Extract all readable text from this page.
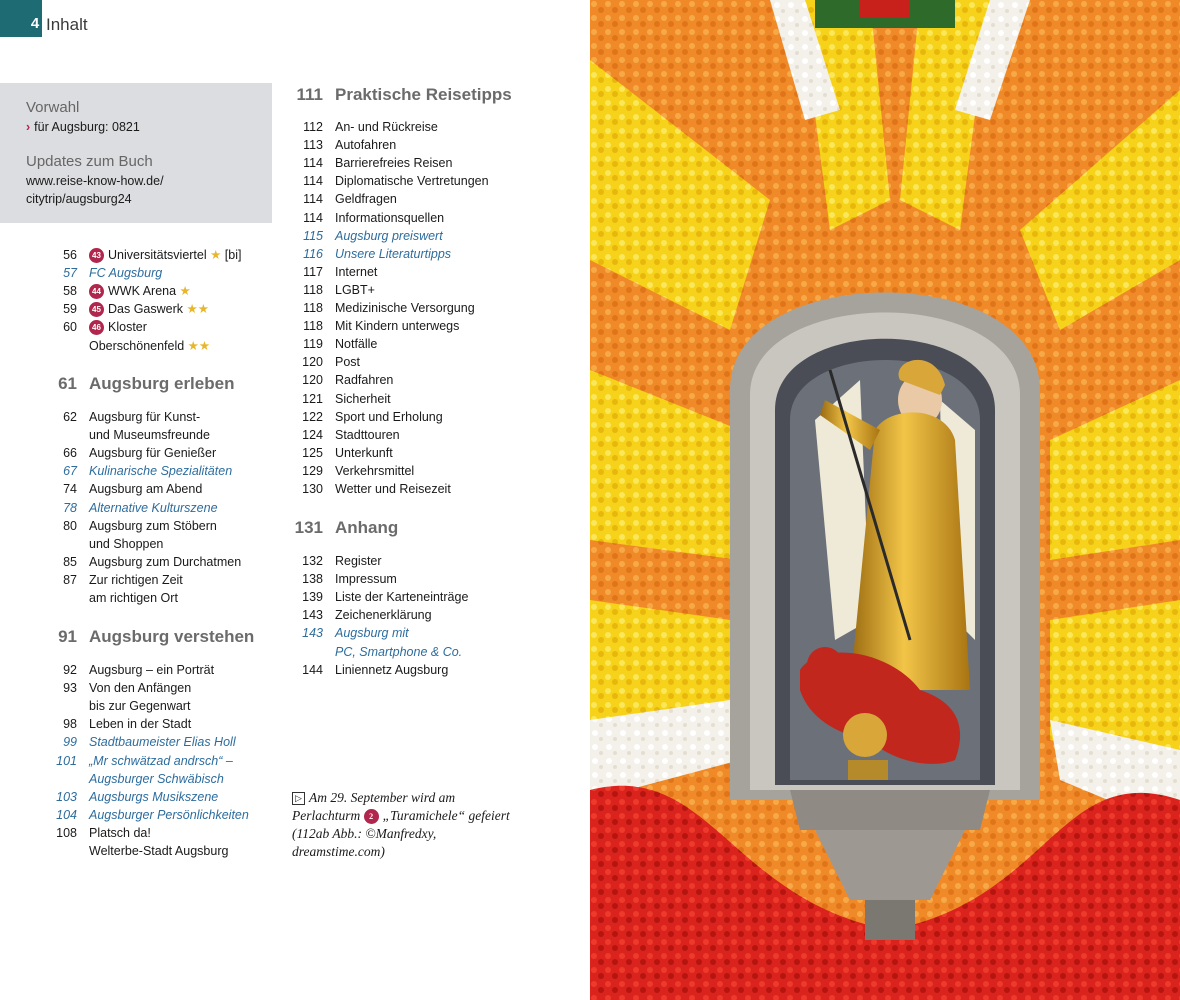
4 Inhalt
Vorwahl
› für Augsburg: 0821
Updates zum Buch
www.reise-know-how.de/
citytrip/augsburg24
56	43 Universitätsviertel ★ [bi]
57 FC Augsburg
58	44 WWK Arena ★
59	45 Das Gaswerk ★★
60	46 Kloster
Oberschönenfeld ★★
61 Augsburg erleben
62 Augsburg für Kunst-
und Museumsfreunde
66 Augsburg für Genießer
67 Kulinarische Spezialitäten
74 Augsburg am Abend
78 Alternative Kulturszene
80 Augsburg zum Stöbern
und Shoppen
85 Augsburg zum Durchatmen
87 Zur richtigen Zeit
am richtigen Ort
91 Augsburg verstehen
92 Augsburg – ein Porträt
93 Von den Anfängen
bis zur Gegenwart
98 Leben in der Stadt
99 Stadtbaumeister Elias Holl
101 „Mr schwätzad andrsch“ –
Augsburger Schwäbisch
103 Augsburgs Musikszene
104 Augsburger Persönlichkeiten
108 Platsch da!
Welterbe-Stadt Augsburg
111 Praktische Reisetipps
112 An- und Rückreise
113 Autofahren
114 Barrierefreies Reisen
114 Diplomatische Vertretungen
114 Geldfragen
114 Informationsquellen
115 Augsburg preiswert
116 Unsere Literaturtipps
117 Internet
118 LGBT+
118 Medizinische Versorgung
118 Mit Kindern unterwegs
119 Notfälle
120 Post
120 Radfahren
121 Sicherheit
122 Sport und Erholung
124 Stadttouren
125 Unterkunft
129 Verkehrsmittel
130 Wetter und Reisezeit
131 Anhang
132 Register
138 Impressum
139 Liste der Karteneinträge
143 Zeichenerklärung
143 Augsburg mit
PC, Smartphone & Co.
144 Liniennetz Augsburg
▷ Am 29. September wird am Perlachturm 2 „Turamichele“ gefeiert (112ab Abb.: ©Manfredxy, dreamstime.com)
